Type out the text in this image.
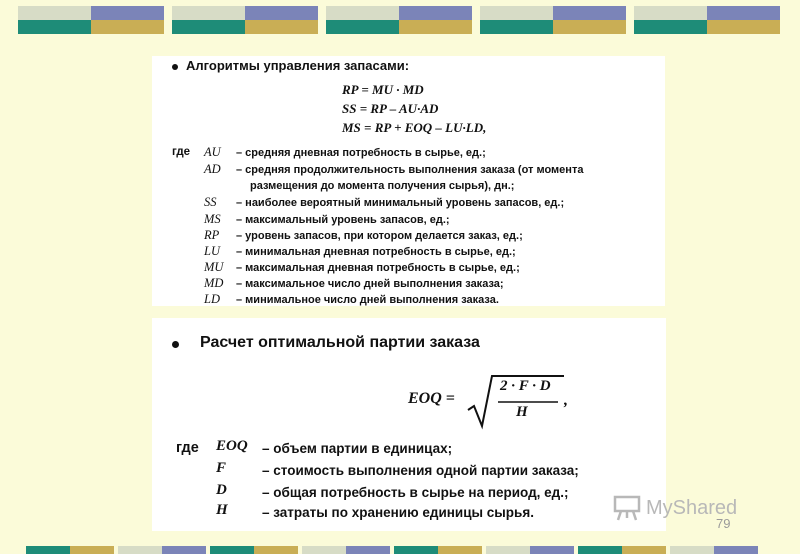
Алгоритмы управления запасами:
RP = MU · MD
SS = RP – AU·AD
MS = RP + EOQ – LU·LD,
где AU – средняя дневная потребность в сырье, ед.;
AD – средняя продолжительность выполнения заказа (от момента
размещения до момента получения сырья), дн.;
SS – наиболее вероятный минимальный уровень запасов, ед.;
MS – максимальный уровень запасов, ед.;
RP – уровень запасов, при котором делается заказ, ед.;
LU – минимальная дневная потребность в сырье, ед.;
MU – максимальная дневная потребность в сырье, ед.;
MD – максимальное число дней выполнения заказа;
LD – минимальное число дней выполнения заказа.
Расчет оптимальной партии заказа
EOQ =
2 · F · D
H
,
где EOQ – объем партии в единицах;
F	– стоимость выполнения одной партии заказа;
D	– общая потребность в сырье на период, ед.;
H	– затраты по хранению единицы сырья.	MyShared
79
